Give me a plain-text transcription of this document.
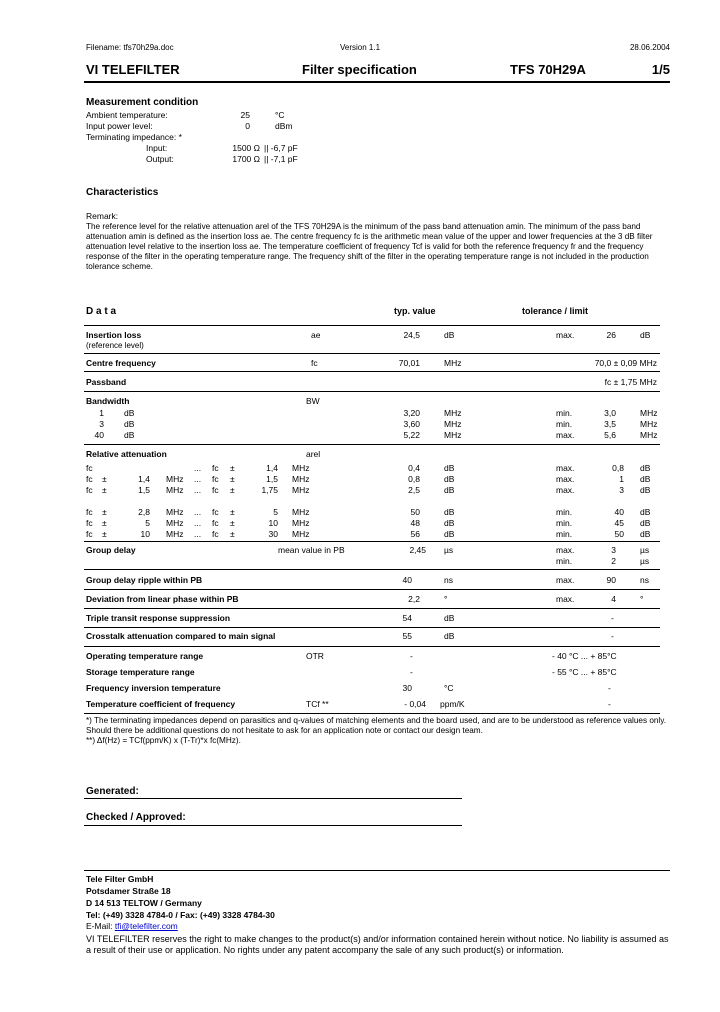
Filename: tfs70h29a.doc	Version 1.1	28.06.2004
VI TELEFILTER	Filter specification	TFS 70H29A	1/5
Measurement condition
Ambient temperature:	25	°C
Input power level:	0	dBm
Terminating impedance: *
Input:	1500 Ω || -6,7 pF
Output:	1700 Ω || -7,1 pF
Characteristics
Remark:
The reference level for the relative attenuation arel of the TFS 70H29A is the minimum of the pass band attenuation amin. The minimum of the pass band attenuation amin is defined as the insertion loss ae. The centre frequency fc is the arithmetic mean value of the upper and lower frequencies at the 3 dB filter attenuation level relative to the insertion loss ae. The temperature coefficient of frequency Tcf is valid for both the reference frequency fr and the frequency response of the filter in the operating temperature range. The frequency shift of the filter in the operating temperature range is not included in the production tolerance scheme.
D a t a	typ. value	tolerance / limit
Insertion loss
(reference level)
ae	24,5	dB	max.	26	dB
Centre frequency	fc	70,01	MHz	70,0 ± 0,09 MHz
Passband	fc ± 1,75 MHz
Bandwidth	BW
1 dB	3,20	MHz	min.	3,0	MHz
3 dB	3,60	MHz	min.	3,5	MHz
40 dB	5,22	MHz	max.	5,6	MHz
Relative attenuation	arel
fc	... fc ±	1,4 MHz	0,4	dB	max.	0,8 dB
fc ±	1,4 MHz ... fc ±	1,5 MHz	0,8	dB	max.	1 dB
fc ±	1,5 MHz ... fc ±	1,75 MHz	2,5	dB	max.	3 dB
fc ±	2,8 MHz ... fc ±	5 MHz	50	dB	min.	40 dB
fc ±	5 MHz ... fc ±	10 MHz	48	dB	min.	45 dB
fc ±	10 MHz ... fc ±	30 MHz	56	dB	min.	50 dB
Group delay	mean value in PB	2,45 µs	max.	3	µs
min.	2	µs
Group delay ripple within PB	40	ns	max.	90	ns
Deviation from linear phase within PB	2,2	°	max.	4	°
Triple transit response suppression	54	dB	-
Crosstalk attenuation compared to main signal	55	dB	-
Operating temperature range	OTR	-	- 40 °C ... + 85°C
Storage temperature range	-	- 55 °C ... + 85°C
Frequency inversion temperature	30	°C	-
Temperature coefficient of frequency	TCf **	- 0,04 ppm/K	-
*) The terminating impedances depend on parasitics and q-values of matching elements and the board used, and are to be understood as reference values only. Should there be additional questions do not hesitate to ask for an application note or contact our design team.
**) Δf(Hz) = TCf(ppm/K) x (T-Tr)*x fc(MHz).
Generated:
Checked / Approved:
Tele Filter GmbH
Potsdamer Straße 18
D 14 513 TELTOW / Germany
Tel: (+49) 3328 4784-0 / Fax: (+49) 3328 4784-30
E-Mail: tfi@telefilter.com
VI TELEFILTER reserves the right to make changes to the product(s) and/or information contained herein without notice. No liability is assumed as a result of their use or application. No rights under any patent accompany the sale of any such product(s) or information.
